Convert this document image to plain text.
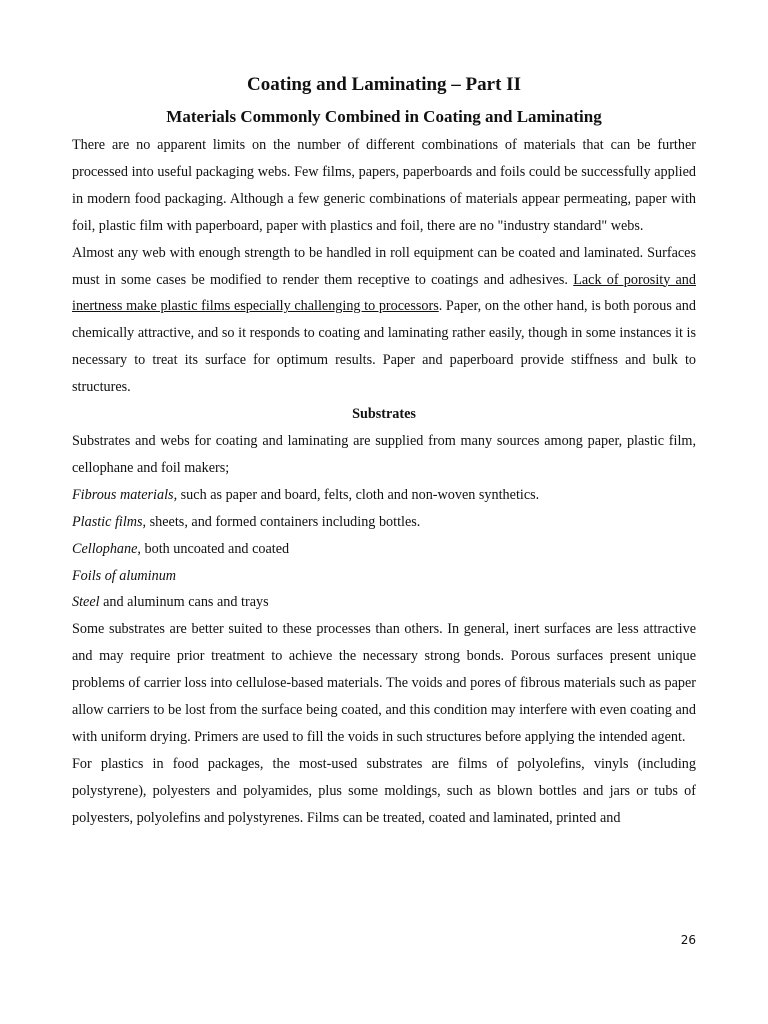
Coating and Laminating – Part II
Materials Commonly Combined in Coating and Laminating

There are no apparent limits on the number of different combinations of materials that can be further processed into useful packaging webs. Few films, papers, paperboards and foils could be successfully applied in modern food packaging. Although a few generic combinations of materials appear permeating, paper with foil, plastic film with paperboard, paper with plastics and foil, there are no "industry standard" webs.

Almost any web with enough strength to be handled in roll equipment can be coated and laminated. Surfaces must in some cases be modified to render them receptive to coatings and adhesives. Lack of porosity and inertness make plastic films especially challenging to processors. Paper, on the other hand, is both porous and chemically attractive, and so it responds to coating and laminating rather easily, though in some instances it is necessary to treat its surface for optimum results. Paper and paperboard provide stiffness and bulk to structures.

Substrates

Substrates and webs for coating and laminating are supplied from many sources among paper, plastic film, cellophane and foil makers;

Fibrous materials, such as paper and board, felts, cloth and non-woven synthetics.

Plastic films, sheets, and formed containers including bottles.

Cellophane, both uncoated and coated

Foils of aluminum

Steel and aluminum cans and trays

Some substrates are better suited to these processes than others. In general, inert surfaces are less attractive and may require prior treatment to achieve the necessary strong bonds. Porous surfaces present unique problems of carrier loss into cellulose-based materials. The voids and pores of fibrous materials such as paper allow carriers to be lost from the surface being coated, and this condition may interfere with even coating and with uniform drying. Primers are used to fill the voids in such structures before applying the intended agent.

For plastics in food packages, the most-used substrates are films of polyolefins, vinyls (including polystyrene), polyesters and polyamides, plus some moldings, such as blown bottles and jars or tubs of polyesters, polyolefins and polystyrenes. Films can be treated, coated and laminated, printed and

26
